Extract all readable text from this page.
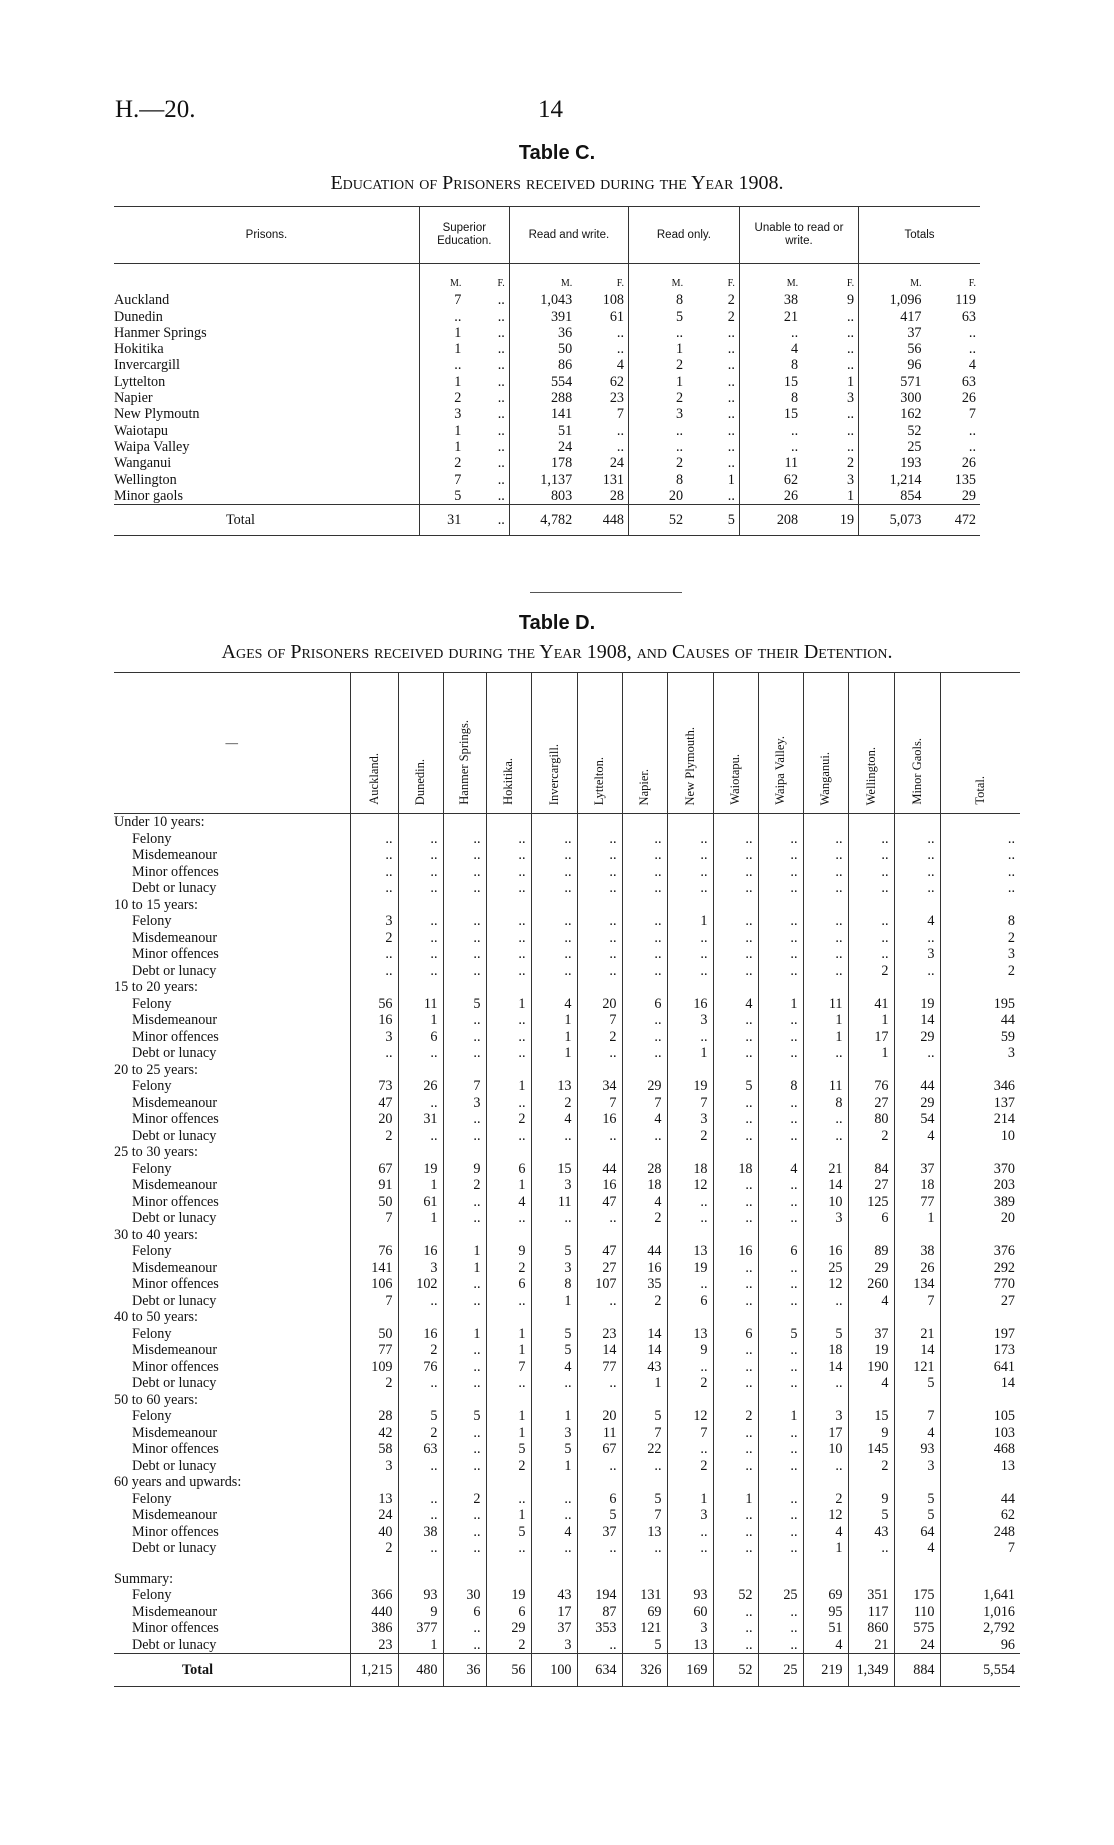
H.—20.	14
Table C.
Education of Prisoners received during the Year 1908.
Prisons.	Superior Education.		Read and write.		Read only.		Unable to read or write.		Totals	
	M.	F.	M.	F.	M.	F.	M.	F.	M.	F.
Auckland	7	..	1,043	108	8	2	38	9	1,096	119
Dunedin	..	..	391	61	5	2	21	..	417	63
Hanmer Springs	1	..	36	..	..	..	..	..	37	..
Hokitika	1	..	50	..	1	..	4	..	56	..
Invercargill	..	..	86	4	2	..	8	..	96	4
Lyttelton	1	..	554	62	1	..	15	1	571	63
Napier	2	..	288	23	2	..	8	3	300	26
New Plymoutn	3	..	141	7	3	..	15	..	162	7
Waiotapu	1	..	51	..	..	..	..	..	52	..
Waipa Valley	1	..	24	..	..	..	..	..	25	..
Wanganui	2	..	178	24	2	..	11	2	193	26
Wellington	7	..	1,137	131	8	1	62	3	1,214	135
Minor gaols	5	..	803	28	20	..	26	1	854	29
Total	31	..	4,782	448	52	5	208	19	5,073	472
Table D.
Ages of Prisoners received during the Year 1908, and Causes of their Detention.
—	Auckland.	Dunedin.	Hanmer Springs.	Hokitika.	Invercargill.	Lyttelton.	Napier.	New Plymouth.	Waiotapu.	Waipa Valley.	Wanganui.	Wellington.	Minor Gaols.	Total.
Under 10 years:														
Felony	..	..	..	..	..	..	..	..	..	..	..	..	..	..
Misdemeanour	..	..	..	..	..	..	..	..	..	..	..	..	..	..
Minor offences	..	..	..	..	..	..	..	..	..	..	..	..	..	..
Debt or lunacy	..	..	..	..	..	..	..	..	..	..	..	..	..	..
10 to 15 years:														
Felony	3	..	..	..	..	..	..	1	..	..	..	..	4	8
Misdemeanour	2	..	..	..	..	..	..	..	..	..	..	..	..	2
Minor offences	..	..	..	..	..	..	..	..	..	..	..	..	3	3
Debt or lunacy	..	..	..	..	..	..	..	..	..	..	..	2	..	2
15 to 20 years:														
Felony	56	11	5	1	4	20	6	16	4	1	11	41	19	195
Misdemeanour	16	1	..	..	1	7	..	3	..	..	1	1	14	44
Minor offences	3	6	..	..	1	2	..	..	..	..	1	17	29	59
Debt or lunacy	..	..	..	..	1	..	..	1	..	..	..	1	..	3
20 to 25 years:														
Felony	73	26	7	1	13	34	29	19	5	8	11	76	44	346
Misdemeanour	47	..	3	..	2	7	7	7	..	..	8	27	29	137
Minor offences	20	31	..	2	4	16	4	3	..	..	..	80	54	214
Debt or lunacy	2	..	..	..	..	..	..	2	..	..	..	2	4	10
25 to 30 years:														
Felony	67	19	9	6	15	44	28	18	18	4	21	84	37	370
Misdemeanour	91	1	2	1	3	16	18	12	..	..	14	27	18	203
Minor offences	50	61	..	4	11	47	4	..	..	..	10	125	77	389
Debt or lunacy	7	1	..	..	..	..	2	..	..	..	3	6	1	20
30 to 40 years:														
Felony	76	16	1	9	5	47	44	13	16	6	16	89	38	376
Misdemeanour	141	3	1	2	3	27	16	19	..	..	25	29	26	292
Minor offences	106	102	..	6	8	107	35	..	..	..	12	260	134	770
Debt or lunacy	7	..	..	..	1	..	2	6	..	..	..	4	7	27
40 to 50 years:														
Felony	50	16	1	1	5	23	14	13	6	5	5	37	21	197
Misdemeanour	77	2	..	1	5	14	14	9	..	..	18	19	14	173
Minor offences	109	76	..	7	4	77	43	..	..	..	14	190	121	641
Debt or lunacy	2	..	..	..	..	..	1	2	..	..	..	4	5	14
50 to 60 years:														
Felony	28	5	5	1	1	20	5	12	2	1	3	15	7	105
Misdemeanour	42	2	..	1	3	11	7	7	..	..	17	9	4	103
Minor offences	58	63	..	5	5	67	22	..	..	..	10	145	93	468
Debt or lunacy	3	..	..	2	1	..	..	2	..	..	..	2	3	13
60 years and upwards:														
Felony	13	..	2	..	..	6	5	1	1	..	2	9	5	44
Misdemeanour	24	..	..	1	..	5	7	3	..	..	12	5	5	62
Minor offences	40	38	..	5	4	37	13	..	..	..	4	43	64	248
Debt or lunacy	2	..	..	..	..	..	..	..	..	..	1	..	4	7

Summary:														
Felony	366	93	30	19	43	194	131	93	52	25	69	351	175	1,641
Misdemeanour	440	9	6	6	17	87	69	60	..	..	95	117	110	1,016
Minor offences	386	377	..	29	37	353	121	3	..	..	51	860	575	2,792
Debt or lunacy	23	1	..	2	3	..	5	13	..	..	4	21	24	96
Total	1,215	480	36	56	100	634	326	169	52	25	219	1,349	884	5,554
